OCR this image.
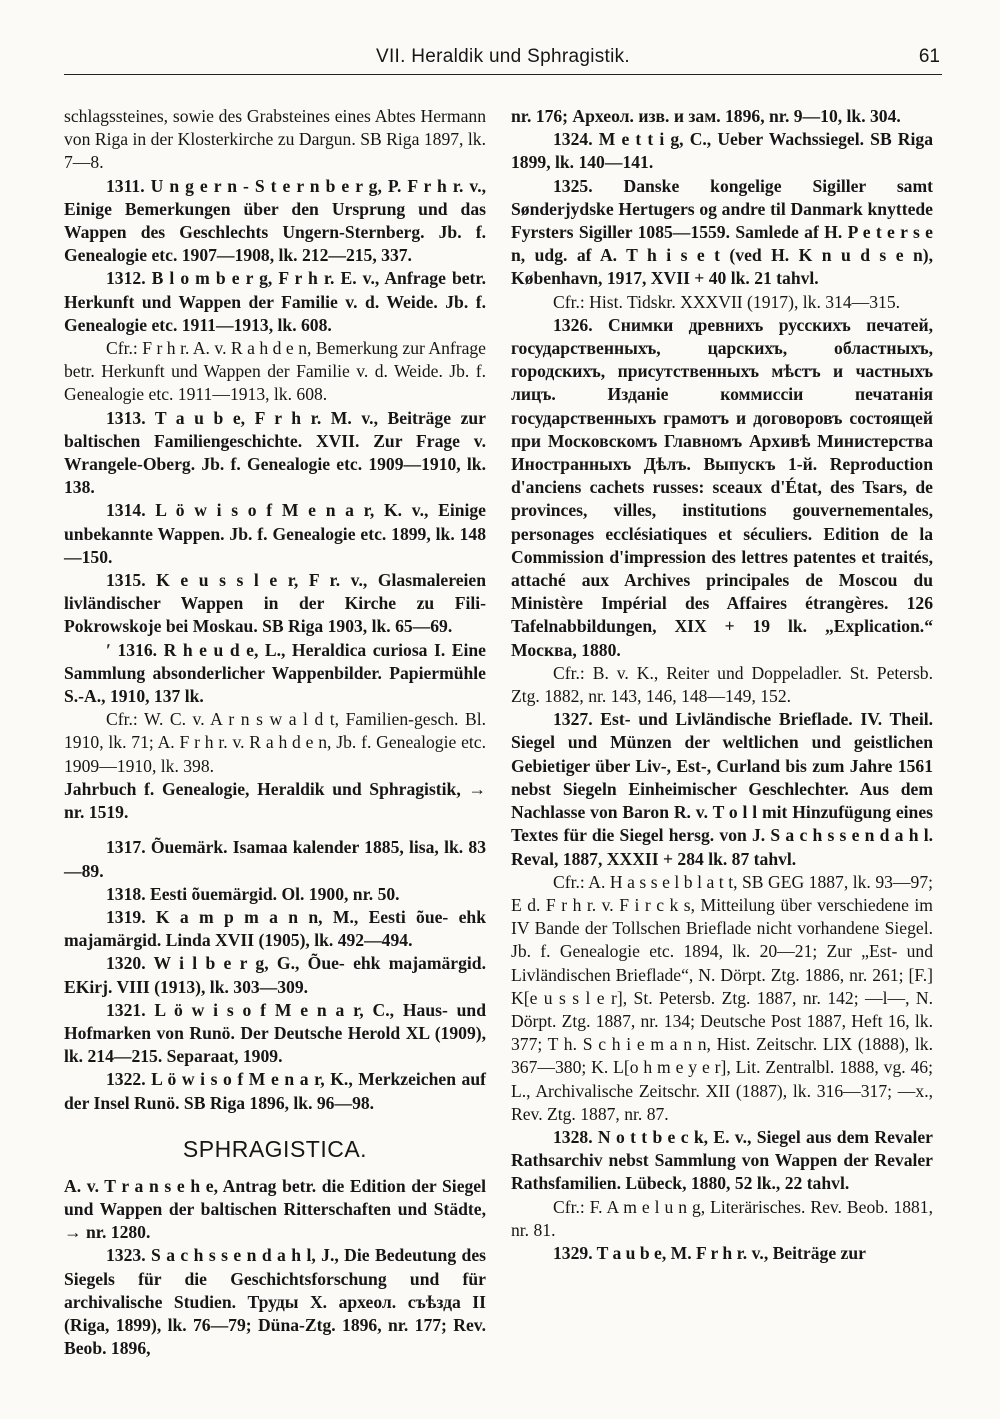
VII. Heraldik und Sphragistik.	61

schlagssteines, sowie des Grabsteines eines Abtes Hermann von Riga in der Klosterkirche zu Dargun. SB Riga 1897, lk. 7—8.

1311. U n g e r n - S t e r n b e r g, P. F r h r. v., Einige Bemerkungen über den Ursprung und das Wappen des Geschlechts Ungern-Sternberg. Jb. f. Genealogie etc. 1907—1908, lk. 212—215, 337.

1312. B l o m b e r g, F r h r. E. v., Anfrage betr. Herkunft und Wappen der Familie v. d. Weide. Jb. f. Genealogie etc. 1911—1913, lk. 608.

Cfr.: F r h r. A. v. R a h d e n, Bemerkung zur Anfrage betr. Herkunft und Wappen der Familie v. d. Weide. Jb. f. Genealogie etc. 1911—1913, lk. 608.

1313. T a u b e, F r h r. M. v., Beiträge zur baltischen Familiengeschichte. XVII. Zur Frage v. Wrangele-Oberg. Jb. f. Genealogie etc. 1909—1910, lk. 138.

1314. L ö w i s o f M e n a r, K. v., Einige unbekannte Wappen. Jb. f. Genealogie etc. 1899, lk. 148—150.

1315. K e u s s l e r, F r. v., Glasmalereien livländischer Wappen in der Kirche zu Fili-Pokrowskoje bei Moskau. SB Riga 1903, lk. 65—69.

ʹ 1316. R h e u d e, L., Heraldica curiosa I. Eine Sammlung absonderlicher Wappenbilder. Papiermühle S.-A., 1910, 137 lk.

Cfr.: W. C. v. A r n s w a l d t, Familien-gesch. Bl. 1910, lk. 71; A. F r h r. v. R a h d e n, Jb. f. Genealogie etc. 1909—1910, lk. 398.

Jahrbuch f. Genealogie, Heraldik und Sphragistik, → nr. 1519.

1317. Õuemärk. Isamaa kalender 1885, lisa, lk. 83—89.

1318. Eesti õuemärgid. Ol. 1900, nr. 50.

1319. K a m p m a n n, M., Eesti õue- ehk majamärgid. Linda XVII (1905), lk. 492—494.

1320. W i l b e r g, G., Õue- ehk majamärgid. EKirj. VIII (1913), lk. 303—309.

1321. L ö w i s o f M e n a r, C., Haus- und Hofmarken von Runö. Der Deutsche Herold XL (1909), lk. 214—215. Separaat, 1909.

1322. L ö w i s o f M e n a r, K., Merkzeichen auf der Insel Runö. SB Riga 1896, lk. 96—98.

SPHRAGISTICA.

A. v. T r a n s e h e, Antrag betr. die Edition der Siegel und Wappen der baltischen Ritterschaften und Städte, → nr. 1280.

1323. S a c h s s e n d a h l, J., Die Bedeutung des Siegels für die Geschichtsforschung und für archivalische Studien. Труды X. археол. съѣзда II (Riga, 1899), lk. 76—79; Düna-Ztg. 1896, nr. 177; Rev. Beob. 1896,

nr. 176; Археол. изв. и зам. 1896, nr. 9—10, lk. 304.

1324. M e t t i g, C., Ueber Wachssiegel. SB Riga 1899, lk. 140—141.

1325. Danske kongelige Sigiller samt Sønderjydske Hertugers og andre til Danmark knyttede Fyrsters Sigiller 1085—1559. Samlede af H. P e t e r s e n, udg. af A. T h i s e t (ved H. K n u d s e n), København, 1917, XVII + 40 lk. 21 tahvl.

Cfr.: Hist. Tidskr. XXXVII (1917), lk. 314—315.

1326. Снимки древнихъ русскихъ печатей, государственныхъ, царскихъ, областныхъ, городскихъ, присутственныхъ мѣстъ и частныхъ лицъ. Изданіе коммиссіи печатанія государственныхъ грамотъ и договоровъ состоящей при Московскомъ Главномъ Архивѣ Министерства Иностранныхъ Дѣлъ. Выпускъ 1-й. Reproduction d'anciens cachets russes: sceaux d'État, des Tsars, de provinces, villes, institutions gouvernementales, personages ecclésiatiques et séculiers. Edition de la Commission d'impression des lettres patentes et traités, attaché aux Archives principales de Moscou du Ministère Impérial des Affaires étrangères. 126 Tafelnabbildungen, XIX + 19 lk. „Explication.“ Москва, 1880.

Cfr.: B. v. K., Reiter und Doppeladler. St. Petersb. Ztg. 1882, nr. 143, 146, 148—149, 152.

1327. Est- und Livländische Brieflade. IV. Theil. Siegel und Münzen der weltlichen und geistlichen Gebietiger über Liv-, Est-, Curland bis zum Jahre 1561 nebst Siegeln Einheimischer Geschlechter. Aus dem Nachlasse von Baron R. v. T o l l mit Hinzufügung eines Textes für die Siegel hersg. von J. S a c h s s e n d a h l. Reval, 1887, XXXII + 284 lk. 87 tahvl.

Cfr.: A. H a s s e l b l a t t, SB GEG 1887, lk. 93—97; E d. F r h r. v. F i r c k s, Mitteilung über verschiedene im IV Bande der Tollschen Brieflade nicht vorhandene Siegel. Jb. f. Genealogie etc. 1894, lk. 20—21; Zur „Est- und Livländischen Brieflade“, N. Dörpt. Ztg. 1886, nr. 261; [F.] K[e u s s l e r], St. Petersb. Ztg. 1887, nr. 142; —l—, N. Dörpt. Ztg. 1887, nr. 134; Deutsche Post 1887, Heft 16, lk. 377; T h. S c h i e m a n n, Hist. Zeitschr. LIX (1888), lk. 367—380; K. L[o h m e y e r], Lit. Zentralbl. 1888, vg. 46; L., Archivalische Zeitschr. XII (1887), lk. 316—317; —x., Rev. Ztg. 1887, nr. 87.

1328. N o t t b e c k, E. v., Siegel aus dem Revaler Rathsarchiv nebst Sammlung von Wappen der Revaler Rathsfamilien. Lübeck, 1880, 52 lk., 22 tahvl.

Cfr.: F. A m e l u n g, Literärisches. Rev. Beob. 1881, nr. 81.

1329. T a u b e, M. F r h r. v., Beiträge zur
